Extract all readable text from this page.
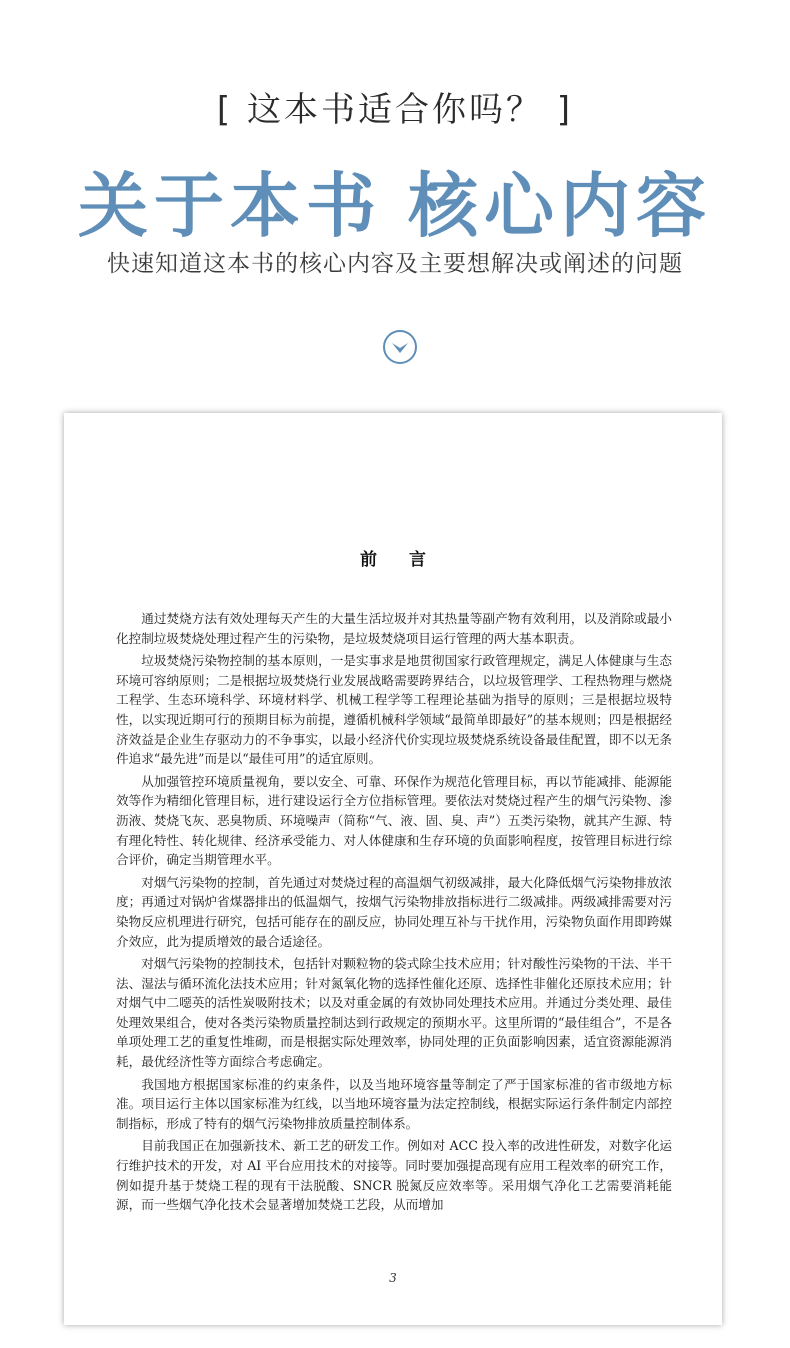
[ 这本书适合你吗？ ]
关于本书 核心内容
快速知道这本书的核心内容及主要想解决或阐述的问题
前 言

通过焚烧方法有效处理每天产生的大量生活垃圾并对其热量等副产物有效利用，以及消除或最小化控制垃圾焚烧处理过程产生的污染物，是垃圾焚烧项目运行管理的两大基本职责。

垃圾焚烧污染物控制的基本原则，一是实事求是地贯彻国家行政管理规定，满足人体健康与生态环境可容纳原则；二是根据垃圾焚烧行业发展战略需要跨界结合，以垃圾管理学、工程热物理与燃烧工程学、生态环境科学、环境材料学、机械工程学等工程理论基础为指导的原则；三是根据垃圾特性，以实现近期可行的预期目标为前提，遵循机械科学领域“最简单即最好”的基本规则；四是根据经济效益是企业生存驱动力的不争事实，以最小经济代价实现垃圾焚烧系统设备最佳配置，即不以无条件追求“最先进”而是以“最佳可用”的适宜原则。

从加强管控环境质量视角，要以安全、可靠、环保作为规范化管理目标，再以节能减排、能源能效等作为精细化管理目标，进行建设运行全方位指标管理。要依法对焚烧过程产生的烟气污染物、渗沥液、焚烧飞灰、恶臭物质、环境噪声（简称“气、液、固、臭、声”）五类污染物，就其产生源、特有理化特性、转化规律、经济承受能力、对人体健康和生存环境的负面影响程度，按管理目标进行综合评价，确定当期管理水平。

对烟气污染物的控制，首先通过对焚烧过程的高温烟气初级减排，最大化降低烟气污染物排放浓度；再通过对锅炉省煤器排出的低温烟气，按烟气污染物排放指标进行二级减排。两级减排需要对污染物反应机理进行研究，包括可能存在的副反应，协同处理互补与干扰作用，污染物负面作用即跨媒介效应，此为提质增效的最合适途径。

对烟气污染物的控制技术，包括针对颗粒物的袋式除尘技术应用；针对酸性污染物的干法、半干法、湿法与循环流化法技术应用；针对氮氧化物的选择性催化还原、选择性非催化还原技术应用；针对烟气中二噁英的活性炭吸附技术；以及对重金属的有效协同处理技术应用。并通过分类处理、最佳处理效果组合，使对各类污染物质量控制达到行政规定的预期水平。这里所谓的“最佳组合”，不是各单项处理工艺的重复性堆砌，而是根据实际处理效率，协同处理的正负面影响因素，适宜资源能源消耗，最优经济性等方面综合考虑确定。

我国地方根据国家标准的约束条件，以及当地环境容量等制定了严于国家标准的省市级地方标准。项目运行主体以国家标准为红线，以当地环境容量为法定控制线，根据实际运行条件制定内部控制指标，形成了特有的烟气污染物排放质量控制体系。

目前我国正在加强新技术、新工艺的研发工作。例如对 ACC 投入率的改进性研发，对数字化运行维护技术的开发，对 AI 平台应用技术的对接等。同时要加强提高现有应用工程效率的研究工作，例如提升基于焚烧工程的现有干法脱酸、SNCR 脱氮反应效率等。采用烟气净化工艺需要消耗能源，而一些烟气净化技术会显著增加焚烧工艺段，从而增加

3
